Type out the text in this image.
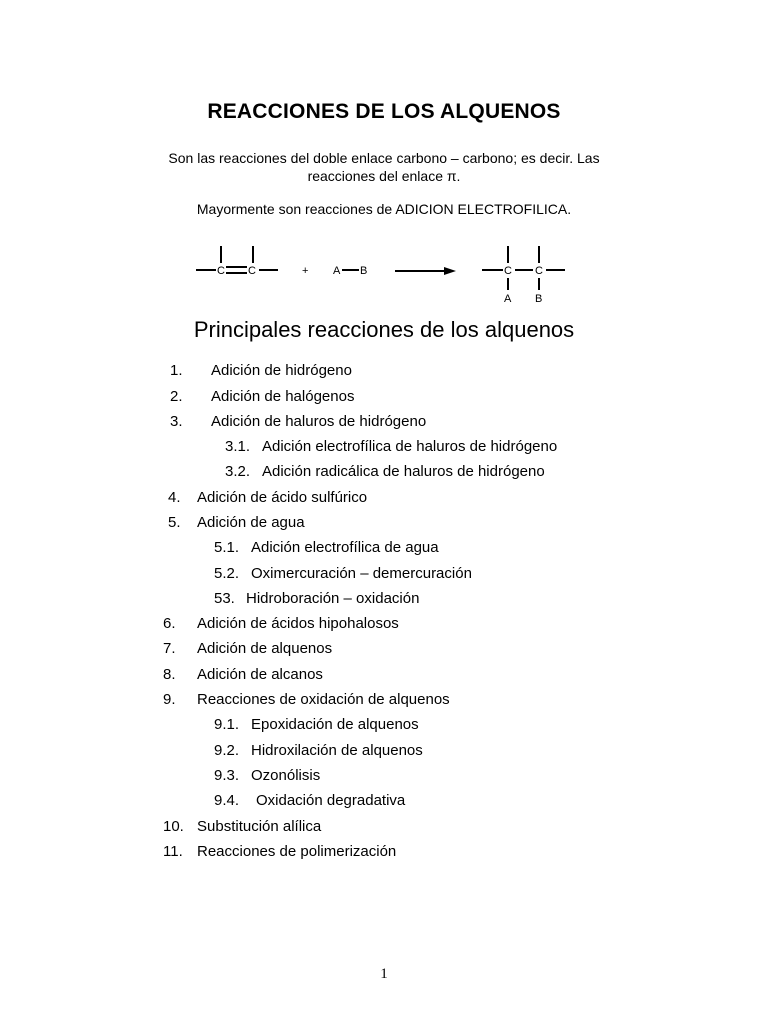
REACCIONES DE LOS ALQUENOS
Son las reacciones del doble enlace carbono – carbono; es decir. Las
reacciones del enlace π.
Mayormente son reacciones de ADICION ELECTROFILICA.
C C	+ A B	C C
A B
Principales reacciones de los alquenos
1. Adición de hidrógeno
2. Adición de halógenos
3. Adición de haluros de hidrógeno
3.1. Adición electrofílica de haluros de hidrógeno
3.2. Adición radicálica de haluros de hidrógeno
4. Adición de ácido sulfúrico
5. Adición de agua
5.1. Adición electrofílica de agua
5.2. Oximercuración – demercuración
53. Hidroboración – oxidación
6. Adición de ácidos hipohalosos
7. Adición de alquenos
8. Adición de alcanos
9. Reacciones de oxidación de alquenos
9.1. Epoxidación de alquenos
9.2. Hidroxilación de alquenos
9.3. Ozonólisis
9.4. Oxidación degradativa
10. Substitución alílica
11. Reacciones de polimerización
1
